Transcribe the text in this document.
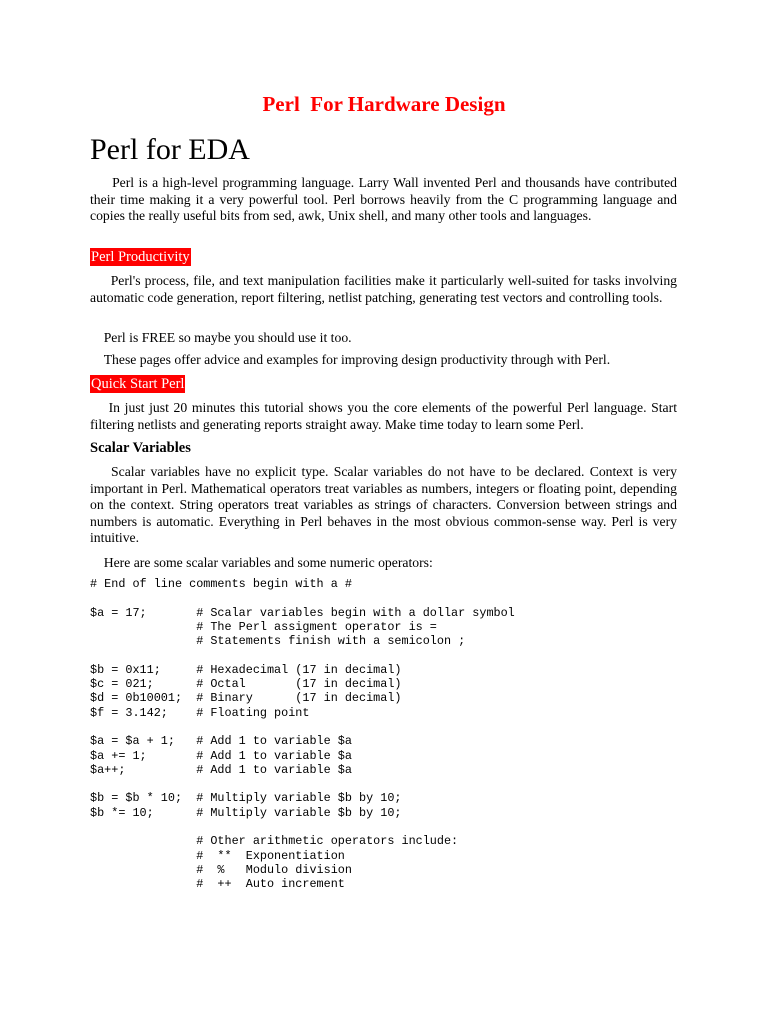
Perl  For Hardware Design
Perl for EDA
Perl is a high-level programming language. Larry Wall invented Perl and thousands have contributed their time making it a very powerful tool. Perl borrows heavily from the C programming language and copies the really useful bits from sed, awk, Unix shell, and many other tools and languages.
Perl Productivity
Perl's process, file, and text manipulation facilities make it particularly well-suited for tasks involving automatic code generation, report filtering, netlist patching, generating test vectors and controlling tools.
Perl is FREE so maybe you should use it too.
These pages offer advice and examples for improving design productivity through with Perl.
Quick Start Perl
In just just 20 minutes this tutorial shows you the core elements of the powerful Perl language. Start filtering netlists and generating reports straight away. Make time today to learn some Perl.
Scalar Variables
Scalar variables have no explicit type. Scalar variables do not have to be declared. Context is very important in Perl. Mathematical operators treat variables as numbers, integers or floating point, depending on the context. String operators treat variables as strings of characters. Conversion between strings and numbers is automatic. Everything in Perl behaves in the most obvious common-sense way. Perl is very intuitive.
Here are some scalar variables and some numeric operators:
# End of line comments begin with a #

$a = 17;       # Scalar variables begin with a dollar symbol
# The Perl assigment operator is =
# Statements finish with a semicolon ;

$b = 0x11;     # Hexadecimal (17 in decimal)
$c = 021;      # Octal       (17 in decimal)
$d = 0b10001;  # Binary      (17 in decimal)
$f = 3.142;    # Floating point

$a = $a + 1;   # Add 1 to variable $a
$a += 1;       # Add 1 to variable $a
$a++;          # Add 1 to variable $a

$b = $b * 10;  # Multiply variable $b by 10;
$b *= 10;      # Multiply variable $b by 10;

# Other arithmetic operators include:
#  **  Exponentiation
#  %   Modulo division
#  ++  Auto increment
